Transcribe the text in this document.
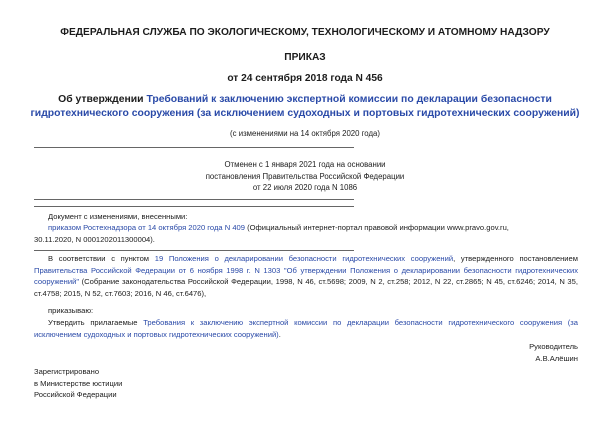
ФЕДЕРАЛЬНАЯ СЛУЖБА ПО ЭКОЛОГИЧЕСКОМУ, ТЕХНОЛОГИЧЕСКОМУ И АТОМНОМУ НАДЗОРУ
ПРИКАЗ
от 24 сентября 2018 года N 456
Об утверждении Требований к заключению экспертной комиссии по декларации безопасности
гидротехнического сооружения (за исключением судоходных и портовых гидротехнических сооружений)
(с изменениями на 14 октября 2020 года)
Отменен с 1 января 2021 года на основании
постановления Правительства Российской Федерации
от 22 июля 2020 года N 1086
Документ с изменениями, внесенными:
приказом Ростехнадзора от 14 октября 2020 года N 409 (Официальный интернет-портал правовой информации www.pravo.gov.ru,
30.11.2020, N 0001202011300004).
В соответствии с пунктом 19 Положения о декларировании безопасности гидротехнических сооружений, утвержденного постановлением Правительства Российской Федерации от 6 ноября 1998 г. N 1303 "Об утверждении Положения о декларировании безопасности гидротехнических сооружений" (Собрание законодательства Российской Федерации, 1998, N 46, ст.5698; 2009, N 2, ст.258; 2012, N 22, ст.2865; N 45, ст.6246; 2014, N 35, ст.4758; 2015, N 52, ст.7603; 2016, N 46, ст.6476),
приказываю:
Утвердить прилагаемые Требования к заключению экспертной комиссии по декларации безопасности гидротехнического сооружения (за исключением судоходных и портовых гидротехнических сооружений).
Руководитель
А.В.Алёшин
Зарегистрировано
в Министерстве юстиции
Российской Федерации
